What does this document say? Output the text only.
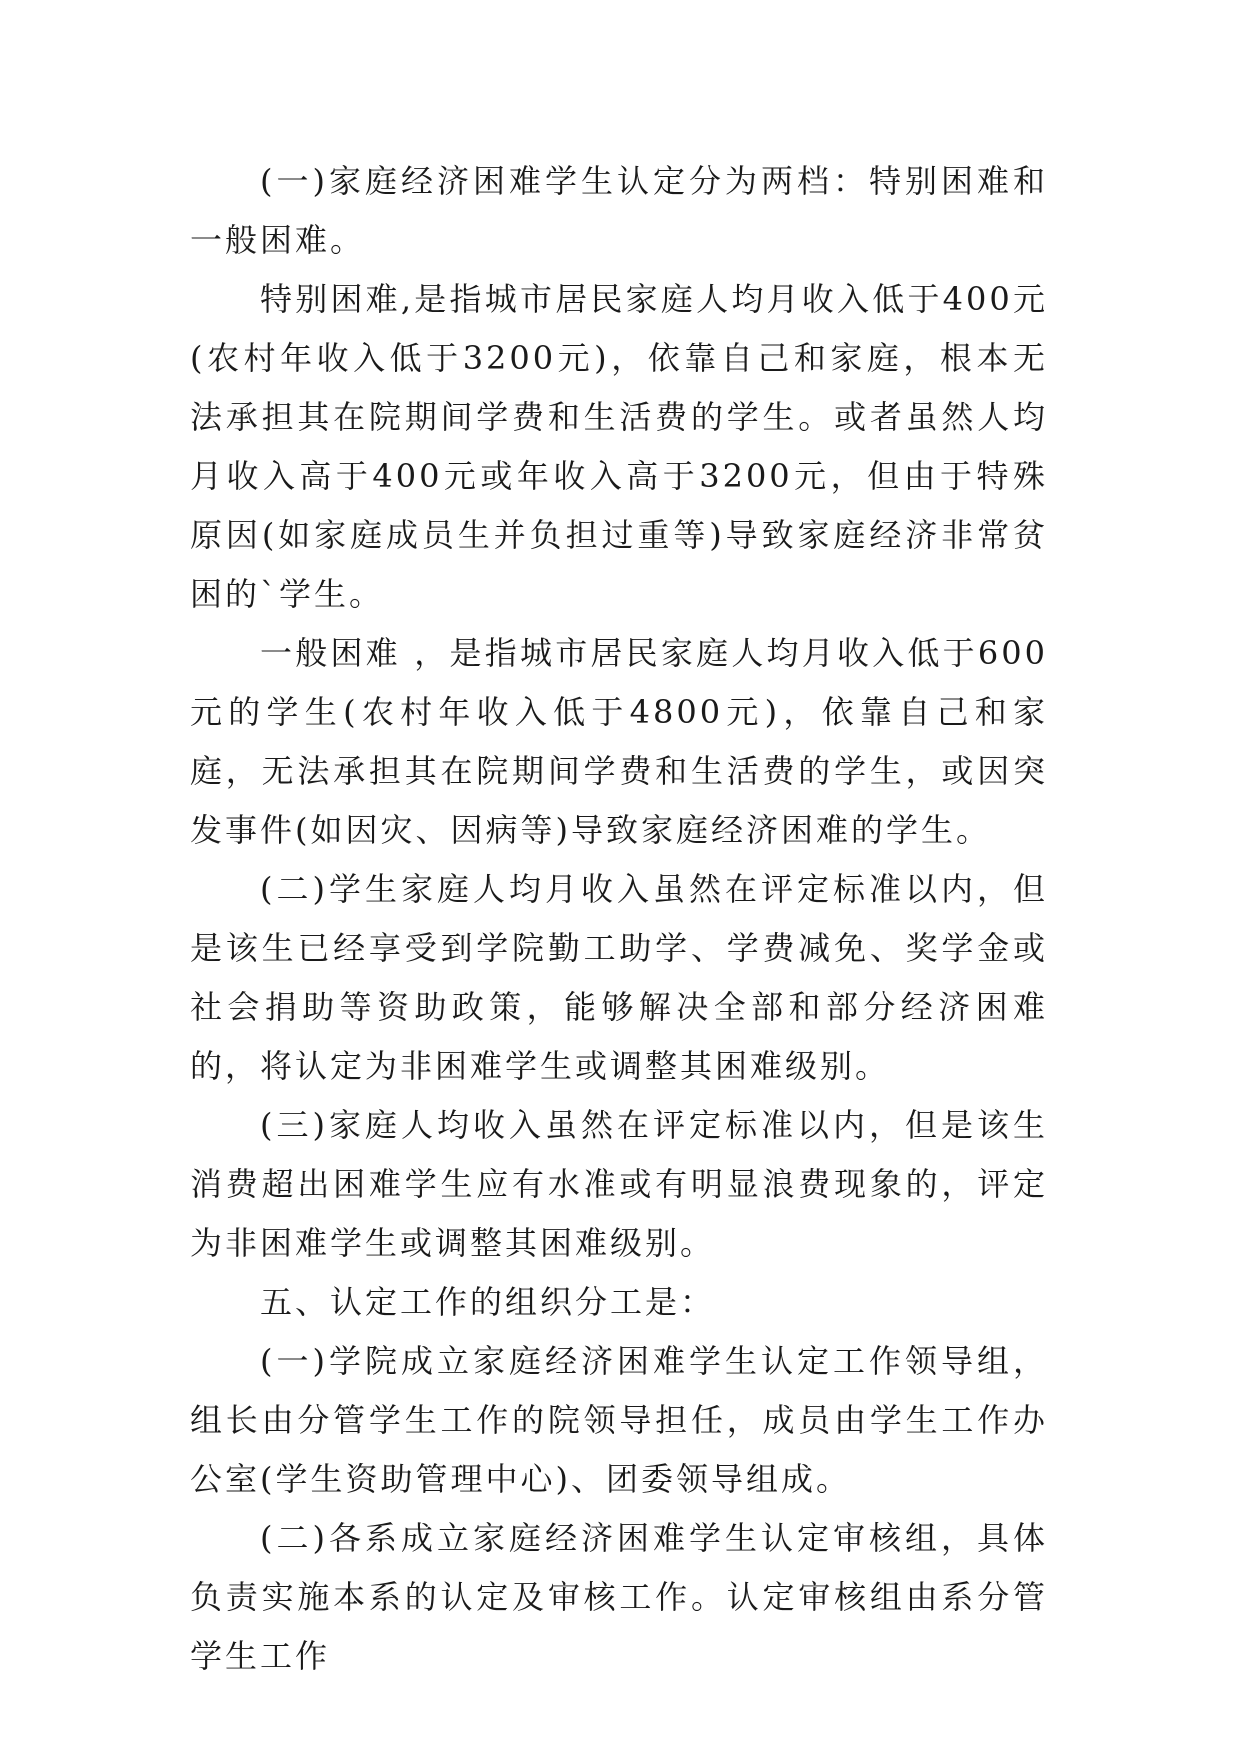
(一)家庭经济困难学生认定分为两档：特别困难和一般困难。

特别困难,是指城市居民家庭人均月收入低于400元(农村年收入低于3200元)，依靠自己和家庭，根本无法承担其在院期间学费和生活费的学生。或者虽然人均月收入高于400元或年收入高于3200元，但由于特殊原因(如家庭成员生并负担过重等)导致家庭经济非常贫困的`学生。

一般困难 ，是指城市居民家庭人均月收入低于600元的学生(农村年收入低于4800元)，依靠自己和家庭，无法承担其在院期间学费和生活费的学生，或因突发事件(如因灾、因病等)导致家庭经济困难的学生。

(二)学生家庭人均月收入虽然在评定标准以内，但是该生已经享受到学院勤工助学、学费减免、奖学金或社会捐助等资助政策，能够解决全部和部分经济困难的，将认定为非困难学生或调整其困难级别。

(三)家庭人均收入虽然在评定标准以内，但是该生消费超出困难学生应有水准或有明显浪费现象的，评定为非困难学生或调整其困难级别。

五、认定工作的组织分工是：

(一)学院成立家庭经济困难学生认定工作领导组，组长由分管学生工作的院领导担任，成员由学生工作办公室(学生资助管理中心)、团委领导组成。

(二)各系成立家庭经济困难学生认定审核组，具体负责实施本系的认定及审核工作。认定审核组由系分管学生工作
